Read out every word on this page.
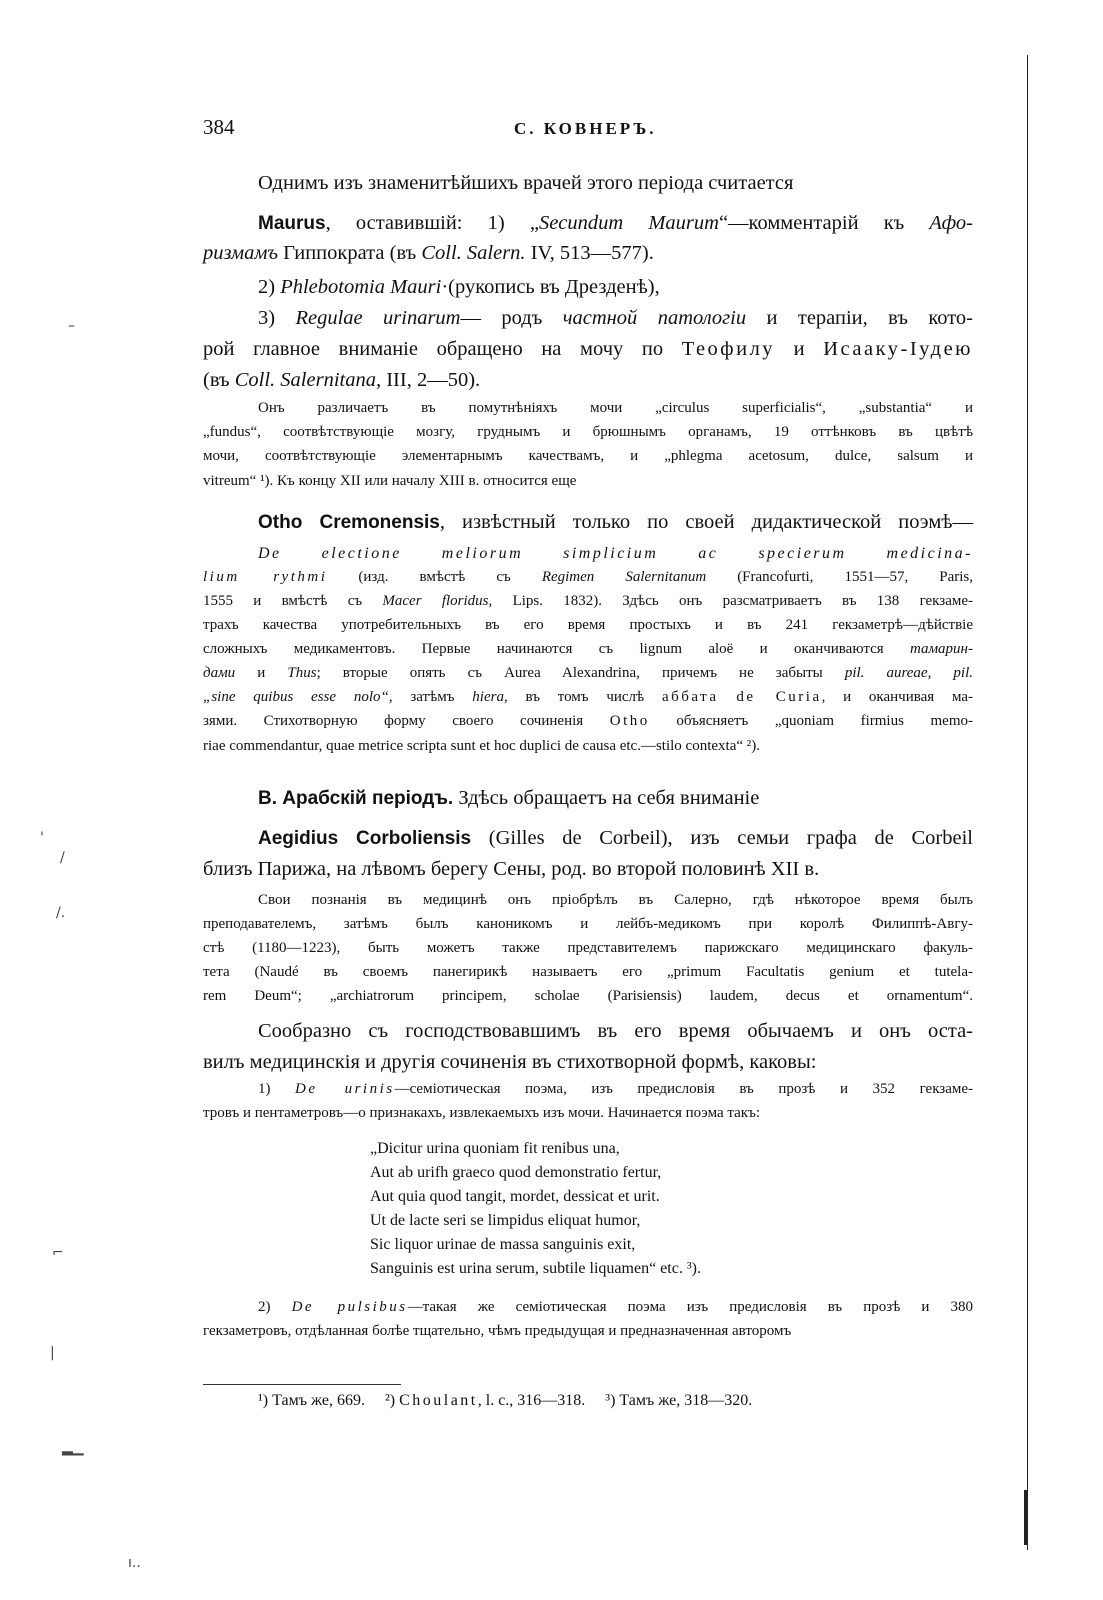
384	С. КОВНЕРЪ.
Однимъ изъ знаменитѣйшихъ врачей этого періода считается
Maurus, оставившій: 1) „Secundum Maurum“—комментарій къ Афо-
ризмамъ Гиппократа (въ Coll. Salern. IV, 513—577).
2) Phlebotomia Mauri·(рукопись въ Дрезденѣ),
3) Regulae urinarum— родъ частной патологіи и терапіи, въ кото-
рой главное вниманіе обращено на мочу по Теофилу и Исааку-Іудею
(въ Coll. Salernitana, III, 2—50).
Онъ различаетъ въ помутнѣніяхъ мочи „circulus superficialis“, „substantia“ и
„fundus“, соотвѣтствующіе мозгу, груднымъ и брюшнымъ органамъ, 19 оттѣнковъ въ цвѣтѣ
мочи, соотвѣтствующіе элементарнымъ качествамъ, и „phlegma acetosum, dulce, salsum и
vitreum“ ¹). Къ концу XII или началу XIII в. относится еще
Otho Cremonensis, извѣстный только по своей дидактической поэмѣ—
De electione meliorum simplicium ac specierum medicina-
lium rythmi (изд. вмѣстѣ съ Regimen Salernitanum (Francofurti, 1551—57, Paris,
1555 и вмѣстѣ съ Macer floridus, Lips. 1832). Здѣсь онъ разсматриваетъ въ 138 гекзаме-
трахъ качества употребительныхъ въ его время простыхъ и въ 241 гекзаметрѣ—дѣйствіе
сложныхъ медикаментовъ. Первые начинаются съ lignum aloë и оканчиваются тамарин-
дами и Thus; вторые опять съ Aurea Alexandrina, причемъ не забыты pil. aureae, pil.
„sine quibus esse nolo“, затѣмъ hiera, въ томъ числѣ аббата de Curia, и оканчивая ма-
зями. Стихотворную форму своего сочиненія Otho объясняетъ „quoniam firmius memo-
riae commendantur, quae metrice scripta sunt et hoc duplici de causa etc.—stilo contexta“ ²).
В. Арабскій періодъ. Здѣсь обращаетъ на себя вниманіе
Aegidius Corboliensis (Gilles de Corbeil), изъ семьи графа de Corbeil
близъ Парижа, на лѣвомъ берегу Сены, род. во второй половинѣ XII в.
Свои познанія въ медицинѣ онъ пріобрѣлъ въ Салерно, гдѣ нѣкоторое время былъ
преподавателемъ, затѣмъ былъ каноникомъ и лейбъ-медикомъ при королѣ Филиппѣ-Авгу-
стѣ (1180—1223), быть можетъ также представителемъ парижскаго медицинскаго факуль-
тета (Naudé въ своемъ панегирикѣ называетъ его „primum Facultatis genium et tutela-
rem Deum“; „archiatrorum principem, scholae (Parisiensis) laudem, decus et ornamentum“.
Сообразно съ господствовавшимъ въ его время обычаемъ и онъ оста-
вилъ медицинскія и другія сочиненія въ стихотворной формѣ, каковы:
1) De urinis—семіотическая поэма, изъ предисловія въ прозѣ и 352 гекзаме-
тровъ и пентаметровъ—о признакахъ, извлекаемыхъ изъ мочи. Начинается поэма такъ:
„Dicitur urina quoniam fit renibus una,
Aut ab urifh graeco quod demonstratio fertur,
Aut quia quod tangit, mordet, dessicat et urit.
Ut de lacte seri se limpidus eliquat humor,
Sic liquor urinae de massa sanguinis exit,
Sanguinis est urina serum, subtile liquamen“ etc. ³).
2) De pulsibus—такая же семіотическая поэма изъ предисловія въ прозѣ и 380
гекзаметровъ, отдѣланная болѣе тщательно, чѣмъ предыдущая и предназначенная авторомъ
¹) Тамъ же, 669. ²) Choulant, l. c., 316—318. ³) Тамъ же, 318—320.
–
'
/
/.
⌐
|
▂▁
ı..
